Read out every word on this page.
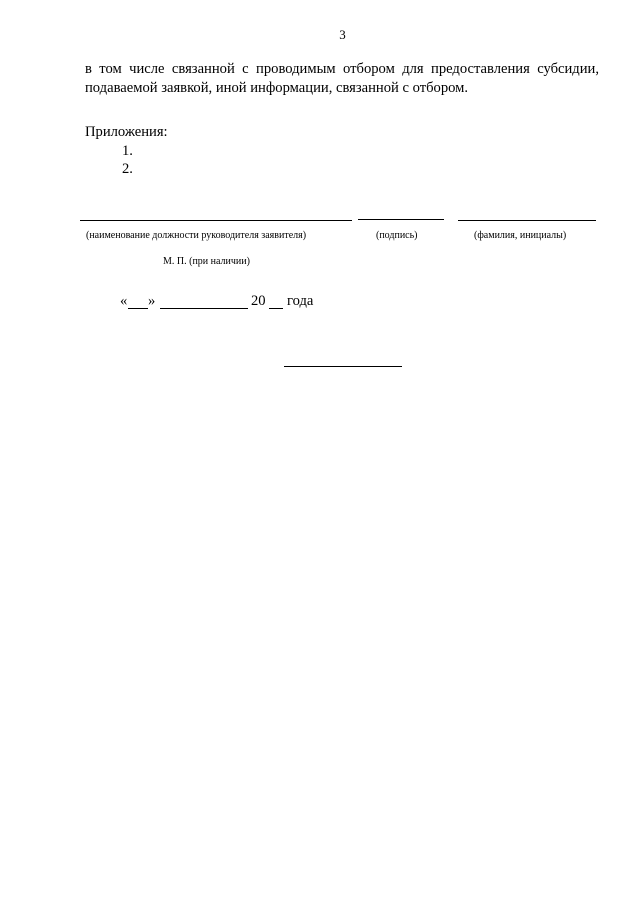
3
в том числе связанной с проводимым отбором для предоставления субсидии,
подаваемой заявкой, иной информации, связанной с отбором.
Приложения:
1.
2.
(наименование должности руководителя заявителя)	(подпись)	(фамилия, инициалы)
М. П. (при наличии)
« »	20 года
